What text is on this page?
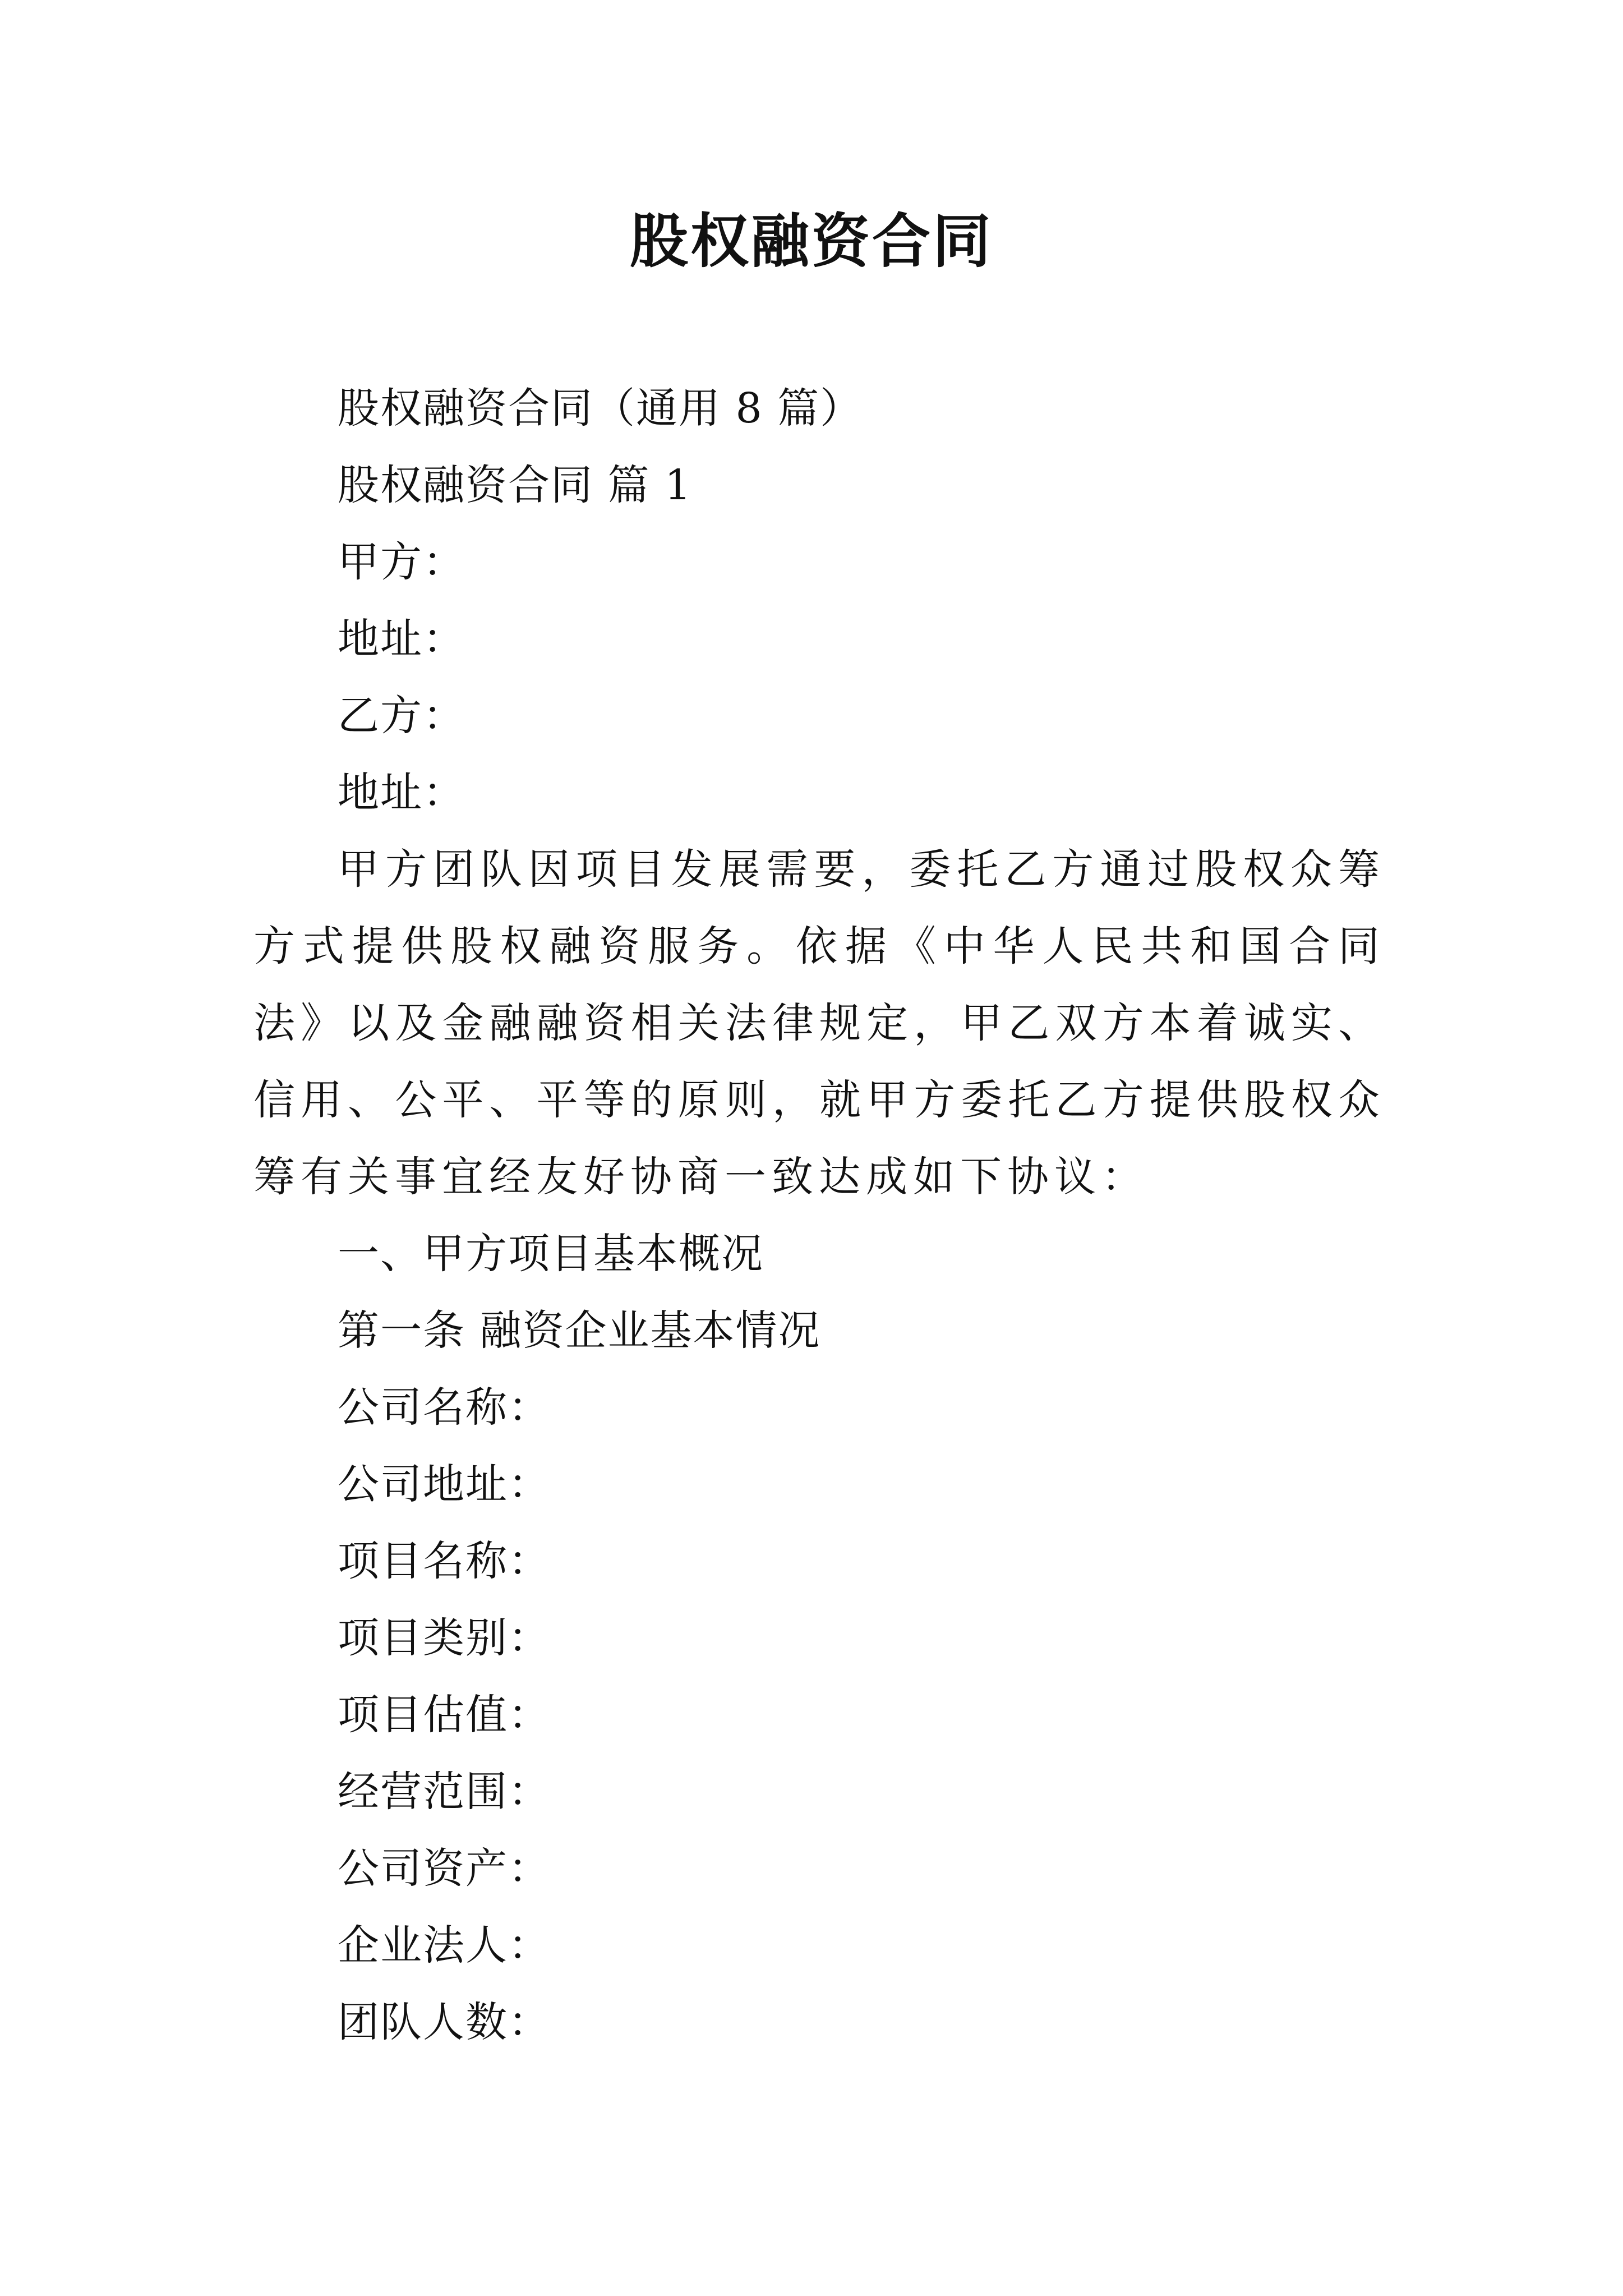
股权融资合同

股权融资合同（通用 8 篇）

股权融资合同 篇 1

甲方：

地址：

乙方：

地址：

甲方团队因项目发展需要，委托乙方通过股权众筹方式提供股权融资服务。依据《中华人民共和国合同法》以及金融融资相关法律规定，甲乙双方本着诚实、信用、公平、平等的原则，就甲方委托乙方提供股权众筹有关事宜经友好协商一致达成如下协议：

一、甲方项目基本概况

第一条 融资企业基本情况

公司名称：

公司地址：

项目名称：

项目类别：

项目估值：

经营范围：

公司资产：

企业法人：

团队人数：
